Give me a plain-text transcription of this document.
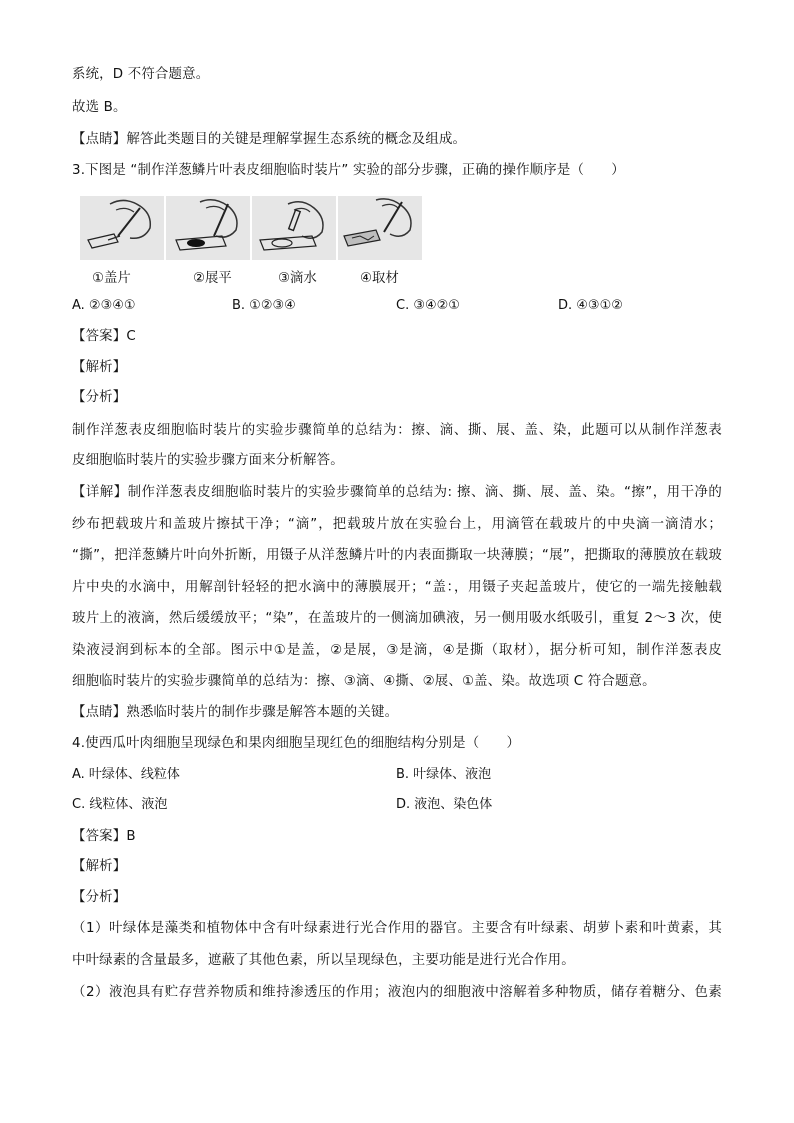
系统，D 不符合题意。
故选 B。
【点睛】解答此类题目的关键是理解掌握生态系统的概念及组成。
3.下图是 “制作洋葱鳞片叶表皮细胞临时装片” 实验的部分步骤，正确的操作顺序是（　　）
①盖片	②展平	③滴水	④取材
A. ②③④①	B. ①②③④	C. ③④②①	D. ④③①②
【答案】C
【解析】
【分析】
制作洋葱表皮细胞临时装片的实验步骤简单的总结为：擦、滴、撕、展、盖、染，此题可以从制作洋葱表
皮细胞临时装片的实验步骤方面来分析解答。
【详解】制作洋葱表皮细胞临时装片的实验步骤简单的总结为: 擦、滴、撕、展、盖、染。“擦”，用干净的
纱布把载玻片和盖玻片擦拭干净；“滴”，把载玻片放在实验台上，用滴管在载玻片的中央滴一滴清水；
“撕”，把洋葱鳞片叶向外折断，用镊子从洋葱鳞片叶的内表面撕取一块薄膜；“展”，把撕取的薄膜放在载玻
片中央的水滴中，用解剖针轻轻的把水滴中的薄膜展开；“盖：，用镊子夹起盖玻片，使它的一端先接触载
玻片上的液滴，然后缓缓放平；“染”，在盖玻片的一侧滴加碘液，另一侧用吸水纸吸引，重复 2～3 次，使
染液浸润到标本的全部。图示中①是盖，②是展，③是滴，④是撕（取材），据分析可知，制作洋葱表皮
细胞临时装片的实验步骤简单的总结为：擦、③滴、④撕、②展、①盖、染。故选项 C 符合题意。
【点睛】熟悉临时装片的制作步骤是解答本题的关键。
4.使西瓜叶肉细胞呈现绿色和果肉细胞呈现红色的细胞结构分别是（　　）
A. 叶绿体、线粒体	B. 叶绿体、液泡
C. 线粒体、液泡	D. 液泡、染色体
【答案】B
【解析】
【分析】
（1）叶绿体是藻类和植物体中含有叶绿素进行光合作用的器官。主要含有叶绿素、胡萝卜素和叶黄素，其
中叶绿素的含量最多，遮蔽了其他色素，所以呈现绿色，主要功能是进行光合作用。
（2）液泡具有贮存营养物质和维持渗透压的作用；液泡内的细胞液中溶解着多种物质，储存着糖分、色素
